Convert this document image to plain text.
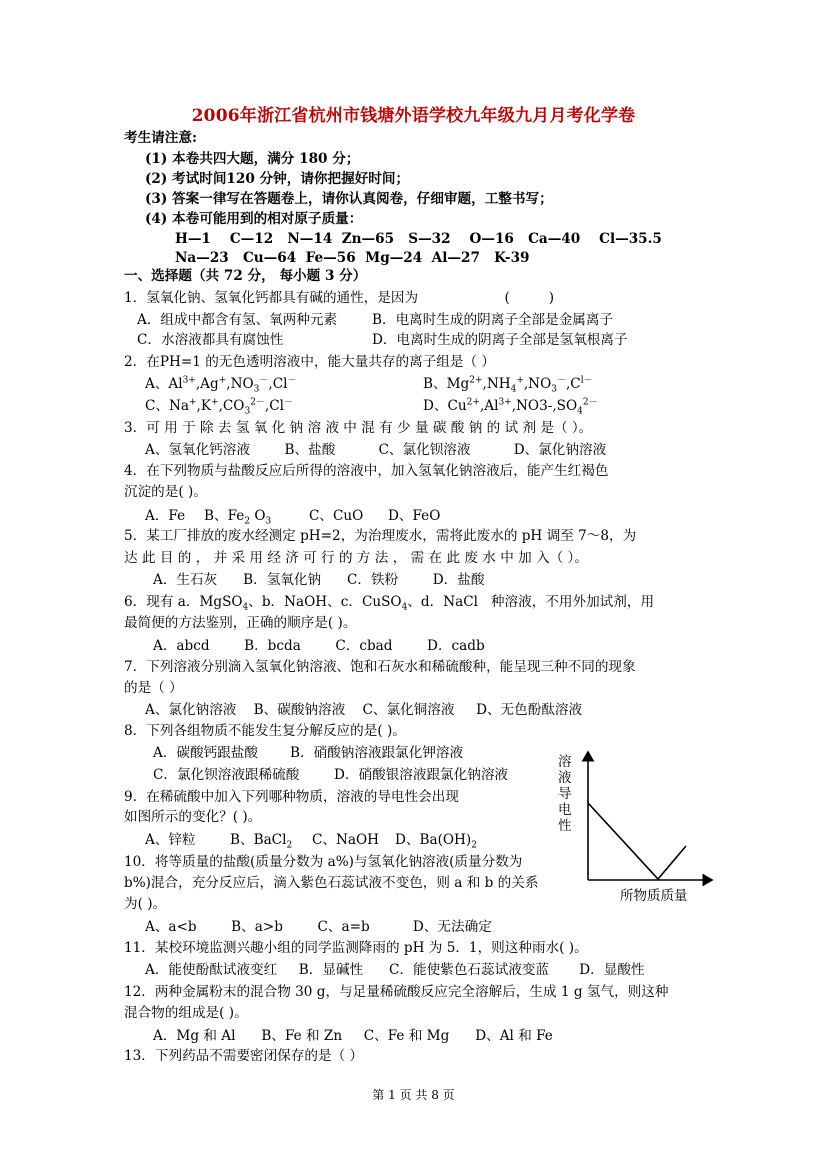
2006年浙江省杭州市钱塘外语学校九年级九月月考化学卷
考生请注意:
(1) 本卷共四大题，满分 180 分；
(2) 考试时间120 分钟，请你把握好时间；
(3) 答案一律写在答题卷上，请你认真阅卷，仔细审题，工整书写；
(4) 本卷可能用到的相对原子质量：
H—1    C—12   N—14  Zn—65   S—32    O—16   Ca—40    Cl—35.5
Na—23   Cu—64  Fe—56  Mg—24  Al—27   K-39
一、选择题（共 72 分， 每小题 3 分）
1．氢氧化钠、氢氧化钙都具有碱的通性，是因为                    (         )
A．组成中都含有氢、氧两种元素	B．电离时生成的阴离子全部是金属离子
C．水溶液都具有腐蚀性	D．电离时生成的阴离子全部是氢氧根离子
2．在PH=1 的无色透明溶液中，能大量共存的离子组是（ ）
A、$Al^{3+},Ag^+,NO_3^-,Cl^-$	B、$Mg^{2+},NH_4^+,NO_3^-,C^{l-}$
C、$Na^+,K^+,CO_3^{2-},Cl^-$	D、$Cu^{2+},Al^{3+},NO3-,SO_4^{2-}$
3．可 用 于 除 去 氢 氧 化 钠 溶 液 中 混 有 少 量 碳 酸 钠 的 试 剂 是（ ）。
A、氢氧化钙溶液        B、盐酸          C、氯化钡溶液          D、氯化钠溶液
4．在下列物质与盐酸反应后所得的溶液中，加入氢氧化钠溶液后，能产生红褐色
沉淀的是( )。
A．Fe B、$Fe_2$ $O_3$	C、CuO D、FeO
5．某工厂排放的废水经测定 pH=2，为治理废水，需将此废水的 pH 调至 7～8，为
达 此 目 的 ， 并 采 用 经 济 可 行 的 方 法 ， 需 在 此 废 水 中 加 入（ ）。
A．生石灰      B．氢氧化钠      C．铁粉        D．盐酸
6．现有 a．MgSO$_4$、b．NaOH、c．CuSO$_4$、d．NaCl   种溶液，不用外加试剂，用
最简便的方法鉴别，正确的顺序是( )。
A．abcd        B．bcda        C．cbad        D．cadb
7．下列溶液分别滴入氢氧化钠溶液、饱和石灰水和稀硫酸种，能呈现三种不同的现象
的是（ ）
A、氯化钠溶液    B、碳酸钠溶液    C、氯化铜溶液     D、无色酚酞溶液
8．下列各组物质不能发生复分解反应的是( )。
A．碳酸钙跟盐酸 B．硝酸钠溶液跟氯化钾溶液
C．氯化钡溶液跟稀硫酸	D．硝酸银溶液跟氯化钠溶液
9．在稀硫酸中加入下列哪种物质，溶液的导电性会出现
如图所示的变化？( )。
A、锌粒	B、BaCl$_2$ C、NaOH D、$Ba(OH)_2$
10．将等质量的盐酸(质量分数为 a%)与氢氧化钠溶液(质量分数为
b%)混合，充分反应后，滴入紫色石蕊试液不变色，则 a 和 b 的关系
为( )。
A、a<b        B、a>b        C、a=b          D、无法确定
11．某校环境监测兴趣小组的同学监测降雨的 pH 为 5．1，则这种雨水( )。
A．能使酚酞试液变红     B．显碱性      C．能使紫色石蕊试液变蓝       D．显酸性
12．两种金属粉末的混合物 30 g，与足量稀硫酸反应完全溶解后，生成 1 g 氢气，则这种
混合物的组成是( )。
A．Mg 和 Al      B、Fe 和 Zn     C、Fe 和 Mg      D、Al 和 Fe
13．下列药品不需要密闭保存的是（ ）
溶
液
导
电
性
所物质质量
第 1 页 共 8 页
